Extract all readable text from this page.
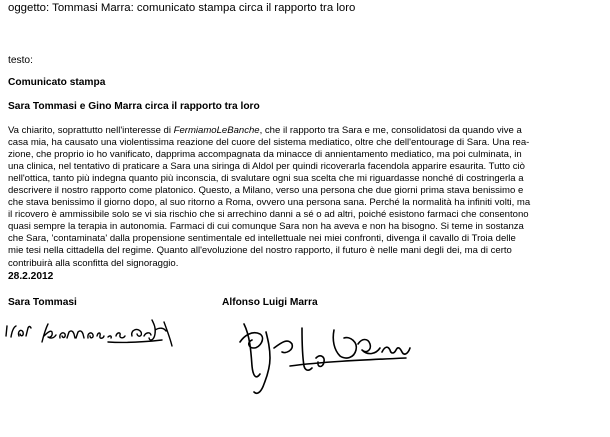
oggetto: Tommasi Marra: comunicato stampa circa il rapporto tra loro
testo:
Comunicato stampa
Sara Tommasi e Gino Marra circa il rapporto tra loro
Va chiarito, soprattutto nell'interesse di FermiamoLeBanche, che il rapporto tra Sara e me, consolidatosi da quando vive a
casa mia, ha causato una violentissima reazione del cuore del sistema mediatico, oltre che dell'entourage di Sara. Una rea-
zione, che proprio io ho vanificato, dapprima accompagnata da minacce di annientamento mediatico, ma poi culminata, in
una clinica, nel tentativo di praticare a Sara una siringa di Aldol per quindi ricoverarla facendola apparire esaurita. Tutto ciò
nell'ottica, tanto più indegna quanto più inconscia, di svalutare ogni sua scelta che mi riguardasse nonché di costringerla a
descrivere il nostro rapporto come platonico. Questo, a Milano, verso una persona che due giorni prima stava benissimo e
che stava benissimo il giorno dopo, al suo ritorno a Roma, ovvero una persona sana. Perché la normalità ha infiniti volti, ma
il ricovero è ammissibile solo se vi sia rischio che si arrechino danni a sé o ad altri, poiché esistono farmaci che consentono
quasi sempre la terapia in autonomia. Farmaci di cui comunque Sara non ha aveva e non ha bisogno. Si teme in sostanza
che Sara, 'contaminata' dalla propensione sentimentale ed intellettuale nei miei confronti, divenga il cavallo di Troia delle
mie tesi nella cittadella del regime. Quanto all'evoluzione del nostro rapporto, il futuro è nelle mani degli dei, ma di certo
contribuirà alla sconfitta del signoraggio.
28.2.2012
Sara Tommasi	Alfonso Luigi Marra
